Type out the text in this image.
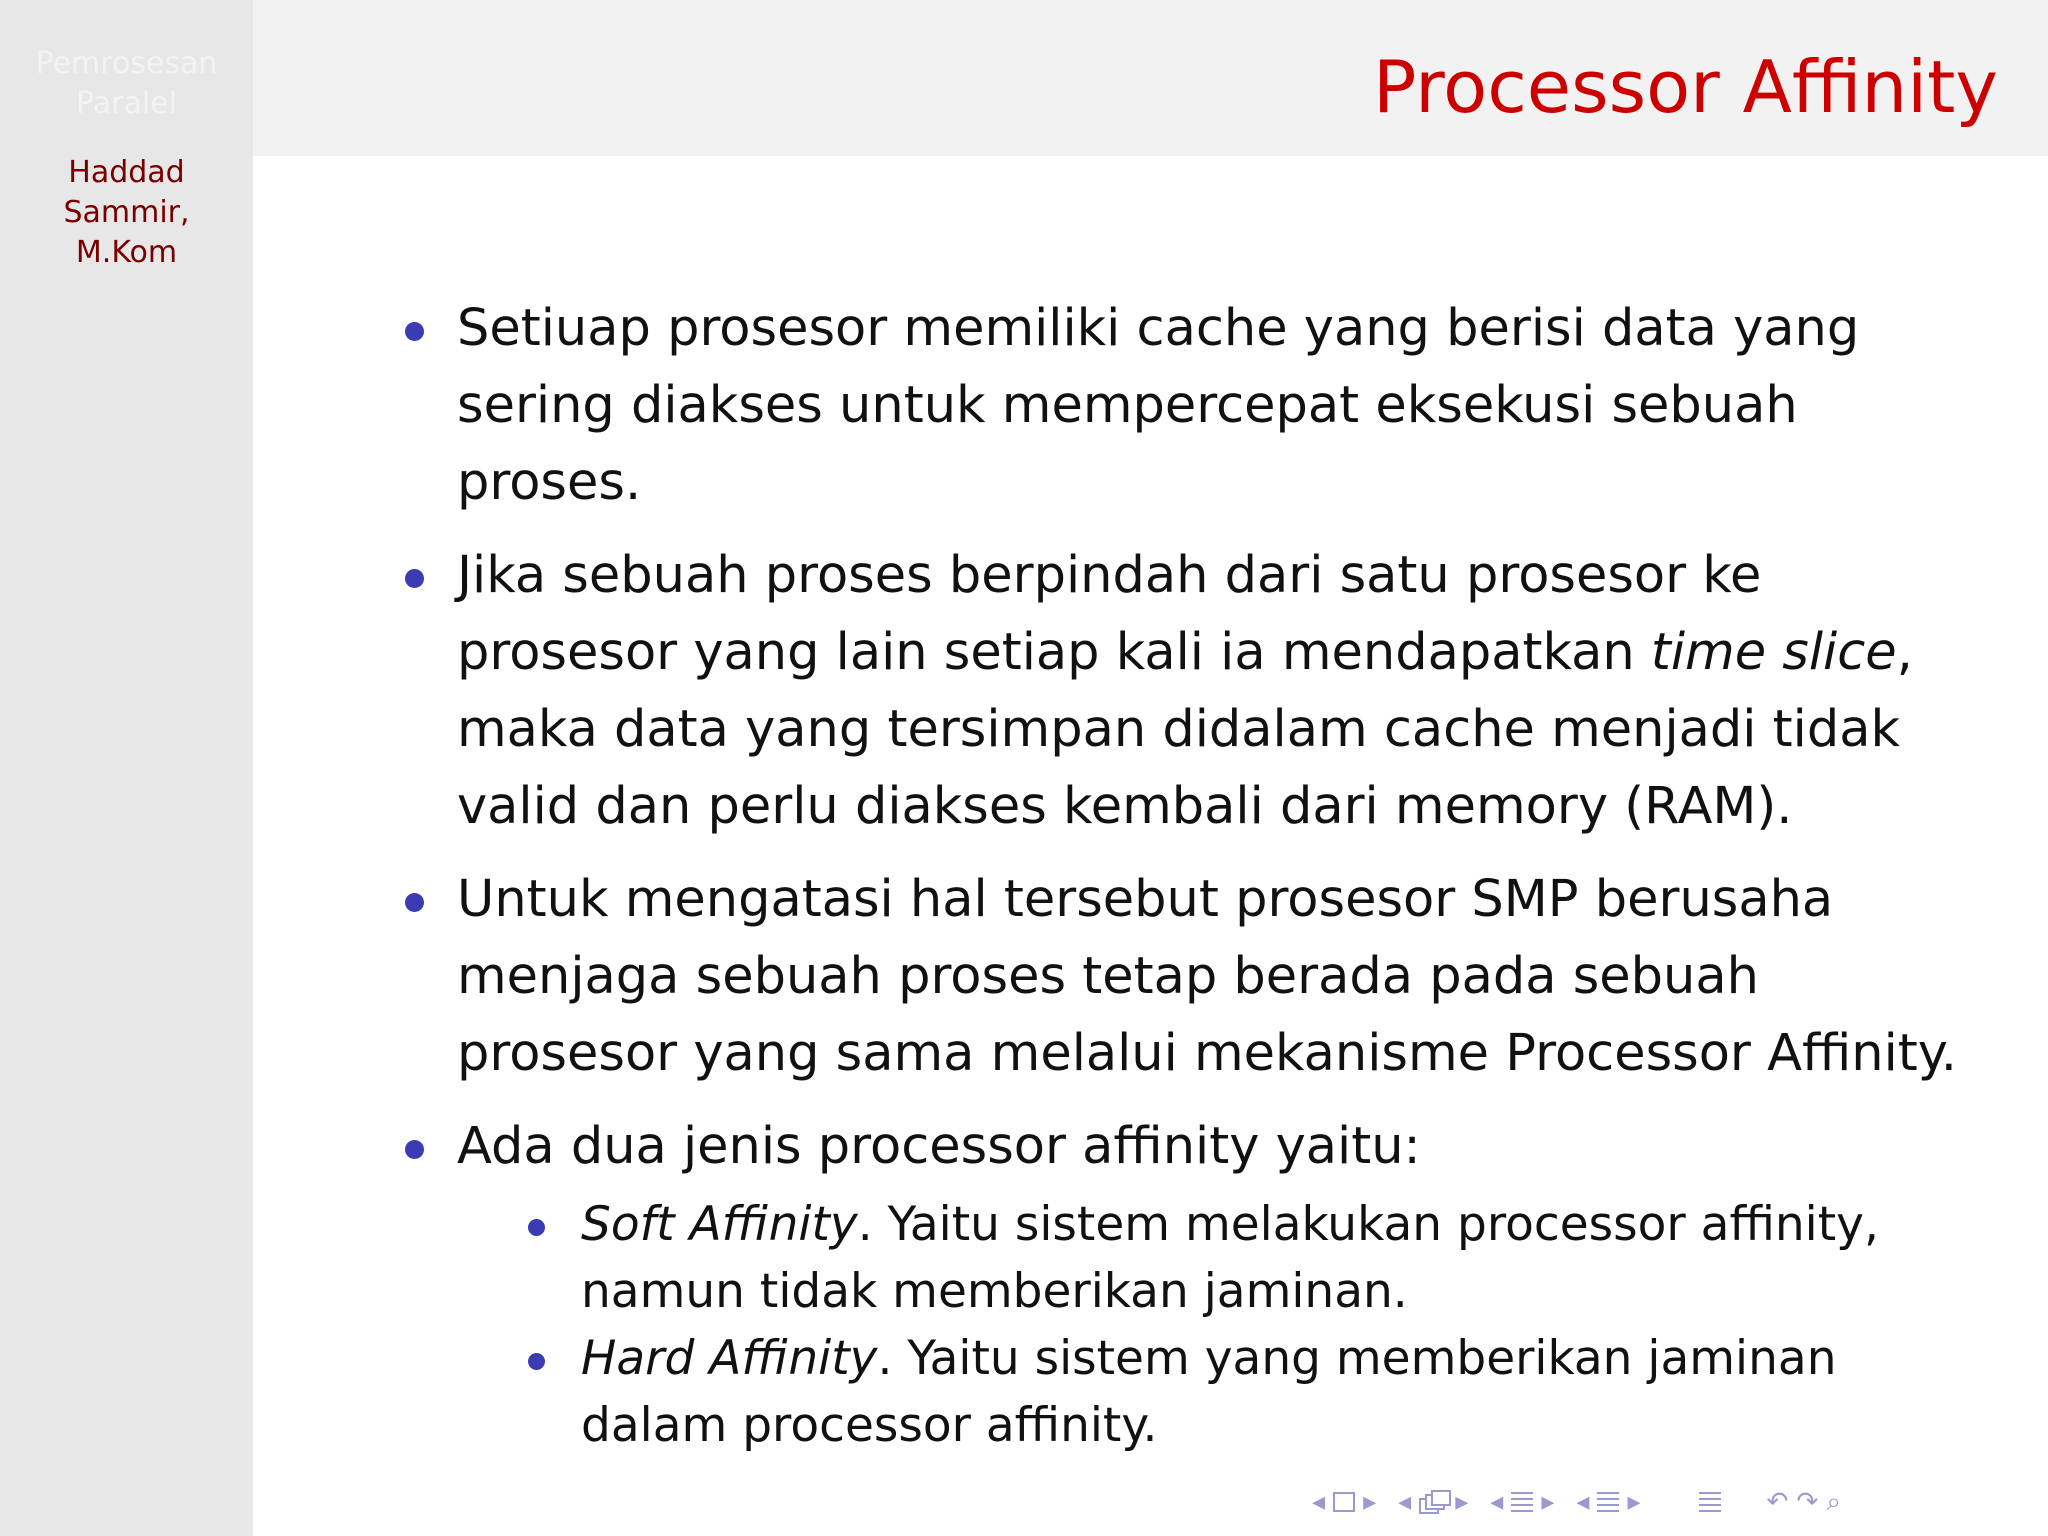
Pemrosesan Paralel
Haddad
Sammir,
M.Kom
Processor Affinity
Setiuap prosesor memiliki cache yang berisi data yang sering diakses untuk mempercepat eksekusi sebuah proses.
Jika sebuah proses berpindah dari satu prosesor ke prosesor yang lain setiap kali ia mendapatkan time slice, maka data yang tersimpan didalam cache menjadi tidak valid dan perlu diakses kembali dari memory (RAM).
Untuk mengatasi hal tersebut prosesor SMP berusaha menjaga sebuah proses tetap berada pada sebuah prosesor yang sama melalui mekanisme Processor Affinity.
Ada dua jenis processor affinity yaitu:
Soft Affinity. Yaitu sistem melakukan processor affinity, namun tidak memberikan jaminan.
Hard Affinity. Yaitu sistem yang memberikan jaminan dalam processor affinity.
◂ ▸ ◂ ▸ ◂ ▸ ◂ ▸	↶ ↷ ⌕
